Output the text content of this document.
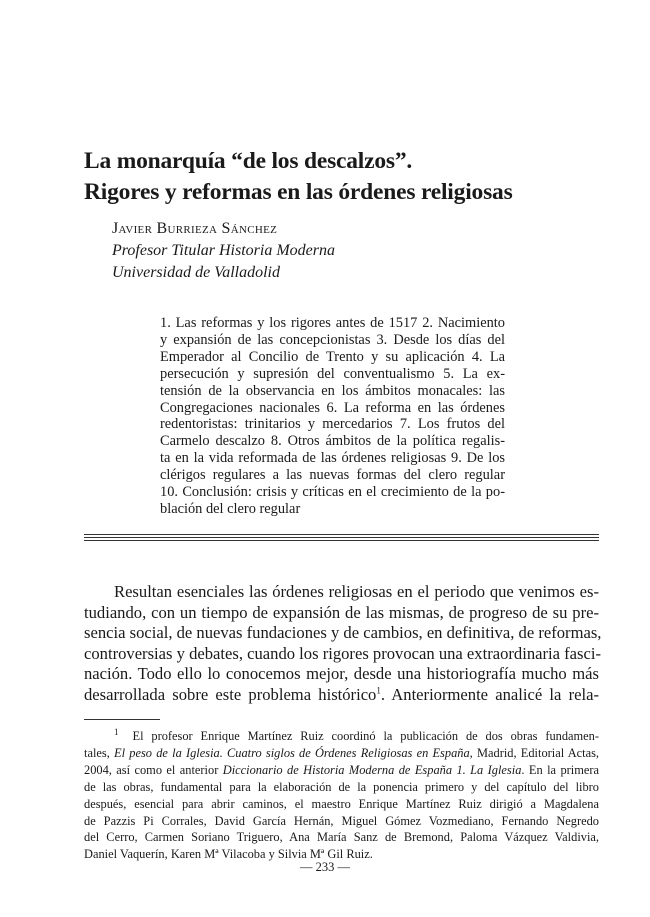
La monarquía “de los descalzos”.
Rigores y reformas en las órdenes religiosas
Javier Burrieza Sánchez
Profesor Titular Historia Moderna
Universidad de Valladolid
1. Las reformas y los rigores antes de 1517 2. Nacimiento
y expansión de las concepcionistas 3. Desde los días del
Emperador al Concilio de Trento y su aplicación 4. La
persecución y supresión del conventualismo 5. La ex-
tensión de la observancia en los ámbitos monacales: las
Congregaciones nacionales 6. La reforma en las órdenes
redentoristas: trinitarios y mercedarios 7. Los frutos del
Carmelo descalzo 8. Otros ámbitos de la política regalis-
ta en la vida reformada de las órdenes religiosas 9. De los
clérigos regulares a las nuevas formas del clero regular
10. Conclusión: crisis y críticas en el crecimiento de la po-
blación del clero regular
Resultan esenciales las órdenes religiosas en el periodo que venimos es-
tudiando, con un tiempo de expansión de las mismas, de progreso de su pre-
sencia social, de nuevas fundaciones y de cambios, en definitiva, de reformas,
controversias y debates, cuando los rigores provocan una extraordinaria fasci-
nación. Todo ello lo conocemos mejor, desde una historiografía mucho más
desarrollada sobre este problema histórico$^1$. Anteriormente analicé la rela-
$^1$ El profesor Enrique Martínez Ruiz coordinó la publicación de dos obras fundamen-
tales, El peso de la Iglesia. Cuatro siglos de Órdenes Religiosas en España, Madrid, Editorial Actas,
2004, así como el anterior Diccionario de Historia Moderna de España 1. La Iglesia. En la primera
de las obras, fundamental para la elaboración de la ponencia primero y del capítulo del libro
después, esencial para abrir caminos, el maestro Enrique Martínez Ruiz dirigió a Magdalena
de Pazzis Pi Corrales, David García Hernán, Miguel Gómez Vozmediano, Fernando Negredo
del Cerro, Carmen Soriano Triguero, Ana María Sanz de Bremond, Paloma Vázquez Valdivia,
Daniel Vaquerín, Karen Mª Vilacoba y Silvia Mª Gil Ruiz.
— 233 —
